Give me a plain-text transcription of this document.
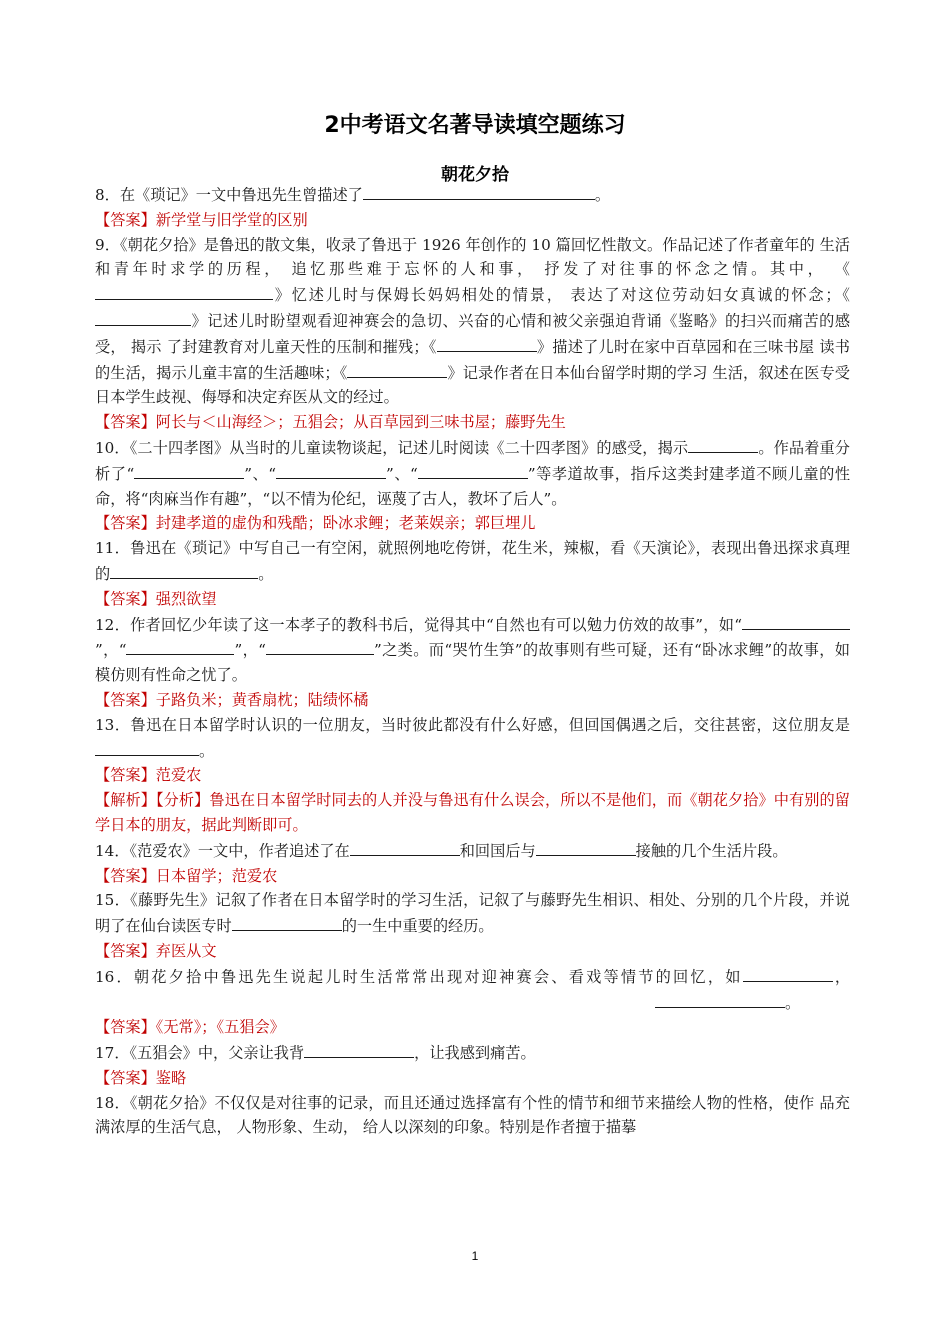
2中考语文名著导读填空题练习
朝花夕拾

8．在《琐记》一文中鲁迅先生曾描述了	。

【答案】新学堂与旧学堂的区别

9．《朝花夕拾》是鲁迅的散文集，收录了鲁迅于 1926 年创作的 10 篇回忆性散文。作品记述了作者童年的 生活和青年时求学的历程， 追忆那些难于忘怀的人和事， 抒发了对往事的怀念之情。其中， 《》忆述儿时与保姆长妈妈相处的情景， 表达了对这位劳动妇女真诚的怀念；《》记述儿时盼望观看迎神赛会的急切、兴奋的心情和被父亲强迫背诵《鉴略》的扫兴而痛苦的感受， 揭示 了封建教育对儿童天性的压制和摧残；《	》描述了儿时在家中百草园和在三味书屋 读书的生活，揭示儿童丰富的生活趣味；《	》记录作者在日本仙台留学时期的学习 生活，叙述在医专受日本学生歧视、侮辱和决定弃医从文的经过。

【答案】阿长与＜山海经＞；五猖会；从百草园到三味书屋；藤野先生

10．《二十四孝图》从当时的儿童读物谈起，记述儿时阅读《二十四孝图》的感受，揭示	。作品着重分析了“	”、“	”、“	”等孝道故事，指斥这类封建孝道不顾儿童的性命，将“肉麻当作有趣”，“以不情为伦纪，诬蔑了古人，教坏了后人”。

【答案】封建孝道的虚伪和残酷；卧冰求鲤；老莱娱亲；郭巨埋儿

11．鲁迅在《琐记》中写自己一有空闲，就照例地吃侉饼，花生米，辣椒，看《天演论》，表现出鲁迅探求真理的	。

【答案】强烈欲望

12．作者回忆少年读了这一本孝子的教科书后，觉得其中“自然也有可以勉力仿效的故事”，如“”，“	”，“	”之类。而“哭竹生笋”的故事则有些可疑，还有“卧冰求鲤”的故事，如模仿则有性命之忧了。

【答案】子路负米；黄香扇枕；陆绩怀橘

13．鲁迅在日本留学时认识的一位朋友，当时彼此都没有什么好感，但回国偶遇之后，交往甚密，这位朋友是。

【答案】范爱农

【解析】【分析】鲁迅在日本留学时同去的人并没与鲁迅有什么误会，所以不是他们，而《朝花夕拾》中有别的留学日本的朋友，据此判断即可。

14．《范爱农》一文中，作者追述了在	和回国后与	接触的几个生活片段。

【答案】日本留学；范爱农

15．《藤野先生》记叙了作者在日本留学时的学习生活，记叙了与藤野先生相识、相处、分别的几个片段，并说明了在仙台读医专时	的一生中重要的经历。

【答案】弃医从文

16．朝花夕拾中鲁迅先生说起儿时生活常常出现对迎神赛会、看戏等情节的回忆，如	，。

【答案】《无常》；《五猖会》

17．《五猖会》中，父亲让我背	，让我感到痛苦。

【答案】鉴略

18．《朝花夕拾》不仅仅是对往事的记录，而且还通过选择富有个性的情节和细节来描绘人物的性格，使作 品充满浓厚的生活气息， 人物形象、生动， 给人以深刻的印象。特别是作者擅于描摹

1
